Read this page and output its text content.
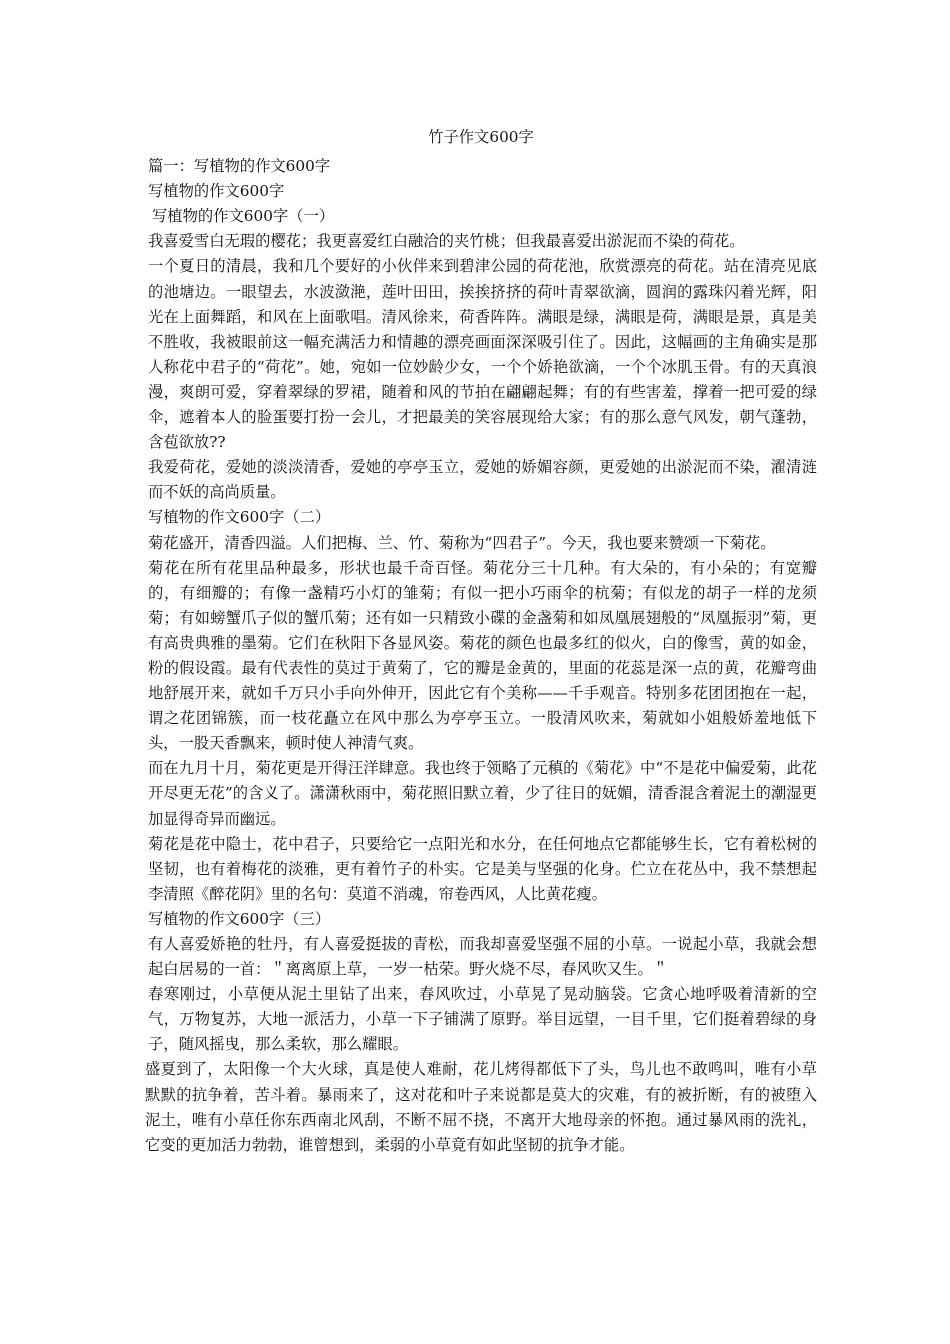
竹子作文600字

篇一：写植物的作文600字

写植物的作文600字

写植物的作文600字（一）

我喜爱雪白无瑕的樱花；我更喜爱红白融洽的夹竹桃；但我最喜爱出淤泥而不染的荷花。

一个夏日的清晨，我和几个要好的小伙伴来到碧津公园的荷花池，欣赏漂亮的荷花。站在清亮见底的池塘边。一眼望去，水波潋滟，莲叶田田，挨挨挤挤的荷叶青翠欲滴，圆润的露珠闪着光辉，阳光在上面舞蹈，和风在上面歌唱。清风徐来，荷香阵阵。满眼是绿，满眼是荷，满眼是景，真是美不胜收，我被眼前这一幅充满活力和情趣的漂亮画面深深吸引住了。因此，这幅画的主角确实是那人称花中君子的“荷花”。她，宛如一位妙龄少女，一个个娇艳欲滴，一个个冰肌玉骨。有的天真浪漫，爽朗可爱，穿着翠绿的罗裙，随着和风的节拍在翩翩起舞；有的有些害羞，撑着一把可爱的绿伞，遮着本人的脸蛋要打扮一会儿，才把最美的笑容展现给大家；有的那么意气风发，朝气蓬勃，含苞欲放??

我爱荷花，爱她的淡淡清香，爱她的亭亭玉立，爱她的娇媚容颜，更爱她的出淤泥而不染，濯清涟而不妖的高尚质量。

写植物的作文600字（二）

菊花盛开，清香四溢。人们把梅、兰、竹、菊称为“四君子”。今天，我也要来赞颂一下菊花。

菊花在所有花里品种最多，形状也最千奇百怪。菊花分三十几种。有大朵的，有小朵的；有宽瓣的，有细瓣的；有像一盏精巧小灯的雏菊；有似一把小巧雨伞的杭菊；有似龙的胡子一样的龙须菊；有如螃蟹爪子似的蟹爪菊；还有如一只精致小碟的金盏菊和如凤凰展翅般的“凤凰振羽”菊，更有高贵典雅的墨菊。它们在秋阳下各显风姿。菊花的颜色也最多红的似火，白的像雪，黄的如金，粉的假设霞。最有代表性的莫过于黄菊了，它的瓣是金黄的，里面的花蕊是深一点的黄，花瓣弯曲地舒展开来，就如千万只小手向外伸开，因此它有个美称——千手观音。特别多花团团抱在一起，谓之花团锦簇，而一枝花矗立在风中那么为亭亭玉立。一股清风吹来，菊就如小姐般娇羞地低下头，一股天香飘来，顿时使人神清气爽。

而在九月十月，菊花更是开得汪洋肆意。我也终于领略了元稹的《菊花》中“不是花中偏爱菊，此花开尽更无花”的含义了。潇潇秋雨中，菊花照旧默立着，少了往日的妩媚，清香混含着泥土的潮湿更加显得奇异而幽远。

菊花是花中隐士，花中君子，只要给它一点阳光和水分，在任何地点它都能够生长，它有着松树的坚韧，也有着梅花的淡雅，更有着竹子的朴实。它是美与坚强的化身。伫立在花丛中，我不禁想起李清照《醉花阴》里的名句：莫道不消魂，帘卷西风，人比黄花瘦。

写植物的作文600字（三）

有人喜爱娇艳的牡丹，有人喜爱挺拔的青松，而我却喜爱坚强不屈的小草。一说起小草，我就会想起白居易的一首：＂离离原上草，一岁一枯荣。野火烧不尽，春风吹又生。＂

春寒刚过，小草便从泥土里钻了出来，春风吹过，小草晃了晃动脑袋。它贪心地呼吸着清新的空气，万物复苏，大地一派活力，小草一下子铺满了原野。举目远望，一目千里，它们挺着碧绿的身子，随风摇曳，那么柔软，那么耀眼。

盛夏到了，太阳像一个大火球，真是使人难耐，花儿烤得都低下了头，鸟儿也不敢鸣叫，唯有小草默默的抗争着，苦斗着。暴雨来了，这对花和叶子来说都是莫大的灾难，有的被折断，有的被堕入泥土，唯有小草任你东西南北风刮，不断不屈不挠，不离开大地母亲的怀抱。通过暴风雨的洗礼，它变的更加活力勃勃，谁曾想到，柔弱的小草竟有如此坚韧的抗争才能。
